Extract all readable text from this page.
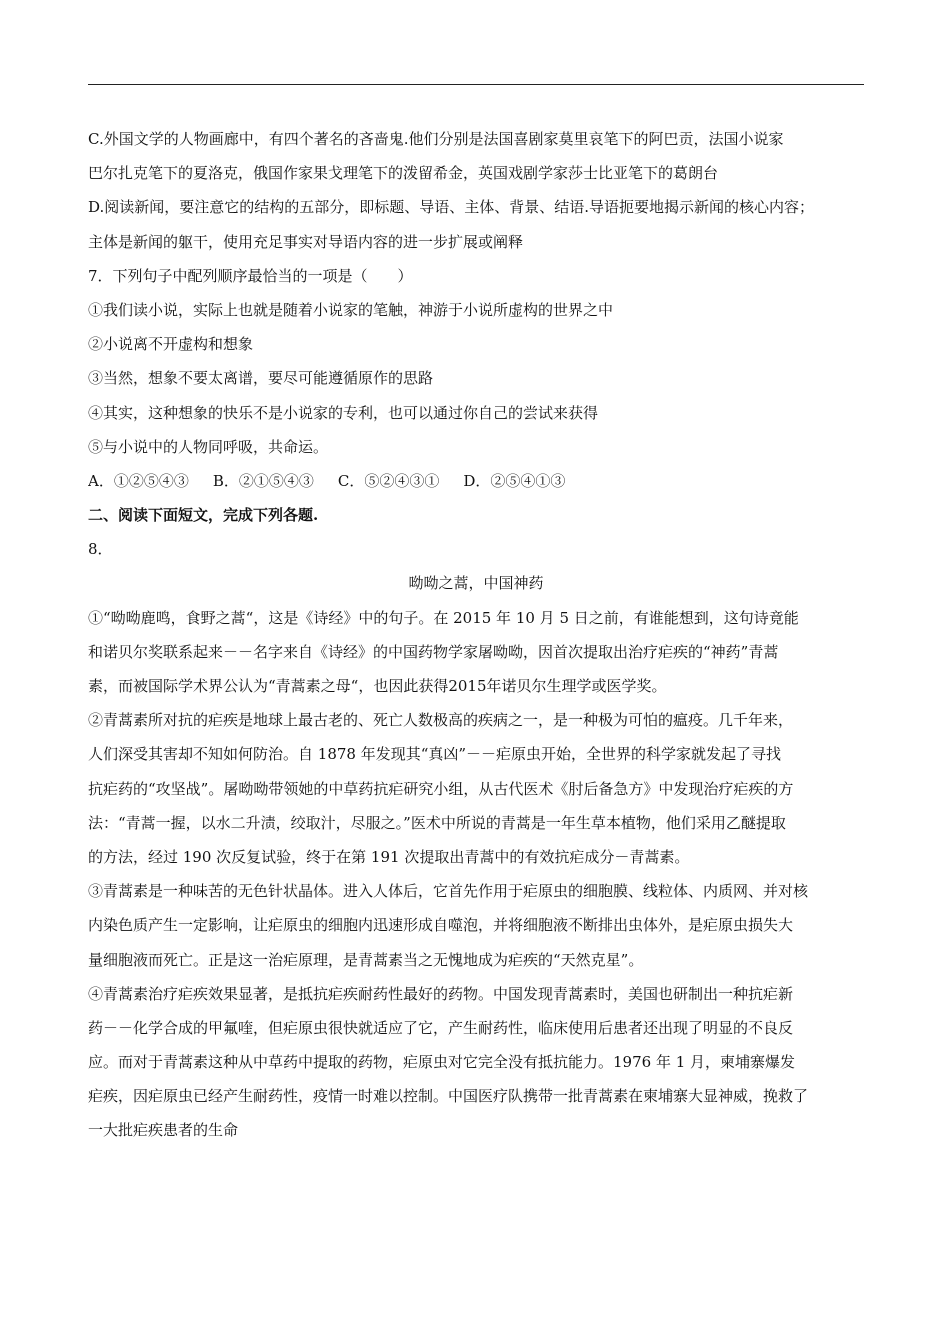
C.外国文学的人物画廊中，有四个著名的吝啬鬼.他们分别是法国喜剧家莫里哀笔下的阿巴贡，法国小说家
巴尔扎克笔下的夏洛克，俄国作家果戈理笔下的泼留希金，英国戏剧学家莎士比亚笔下的葛朗台
D.阅读新闻，要注意它的结构的五部分，即标题、导语、主体、背景、结语.导语扼要地揭示新闻的核心内容；
主体是新闻的躯干，使用充足事实对导语内容的进一步扩展或阐释
7．下列句子中配列顺序最恰当的一项是（　　）
①我们读小说，实际上也就是随着小说家的笔触，神游于小说所虚构的世界之中
②小说离不开虚构和想象
③当然，想象不要太离谱，要尽可能遵循原作的思路
④其实，这种想象的快乐不是小说家的专利，也可以通过你自己的尝试来获得
⑤与小说中的人物同呼吸，共命运。
A．①②⑤④③ B．②①⑤④③ C．⑤②④③① D．②⑤④①③
二、阅读下面短文，完成下列各题.
8．
呦呦之蒿，中国神药
①“呦呦鹿鸣，食野之蒿“，这是《诗经》中的句子。在 2015 年 10 月 5 日之前，有谁能想到，这句诗竟能
和诺贝尔奖联系起来－－名字来自《诗经》的中国药物学家屠呦呦，因首次提取出治疗疟疾的“神药”青蒿
素，而被国际学术界公认为“青蒿素之母“，也因此获得2015年诺贝尔生理学或医学奖。
②青蒿素所对抗的疟疾是地球上最古老的、死亡人数极高的疾病之一，是一种极为可怕的瘟疫。几千年来，
人们深受其害却不知如何防治。自 1878 年发现其“真凶”－－疟原虫开始，全世界的科学家就发起了寻找
抗疟药的“攻坚战”。屠呦呦带领她的中草药抗疟研究小组，从古代医术《肘后备急方》中发现治疗疟疾的方
法：“青蒿一握，以水二升渍，绞取汁，尽服之。”医术中所说的青蒿是一年生草本植物，他们采用乙醚提取
的方法，经过 190 次反复试验，终于在第 191 次提取出青蒿中的有效抗疟成分－青蒿素。
③青蒿素是一种味苦的无色针状晶体。进入人体后，它首先作用于疟原虫的细胞膜、线粒体、内质网、并对核
内染色质产生一定影响，让疟原虫的细胞内迅速形成自噬泡，并将细胞液不断排出虫体外，是疟原虫损失大
量细胞液而死亡。正是这一治疟原理，是青蒿素当之无愧地成为疟疾的“天然克星”。
④青蒿素治疗疟疾效果显著，是抵抗疟疾耐药性最好的药物。中国发现青蒿素时，美国也研制出一种抗疟新
药－－化学合成的甲氟喹，但疟原虫很快就适应了它，产生耐药性，临床使用后患者还出现了明显的不良反
应。而对于青蒿素这种从中草药中提取的药物，疟原虫对它完全没有抵抗能力。1976 年 1 月，柬埔寨爆发
疟疾，因疟原虫已经产生耐药性，疫情一时难以控制。中国医疗队携带一批青蒿素在柬埔寨大显神威，挽救了
一大批疟疾患者的生命
